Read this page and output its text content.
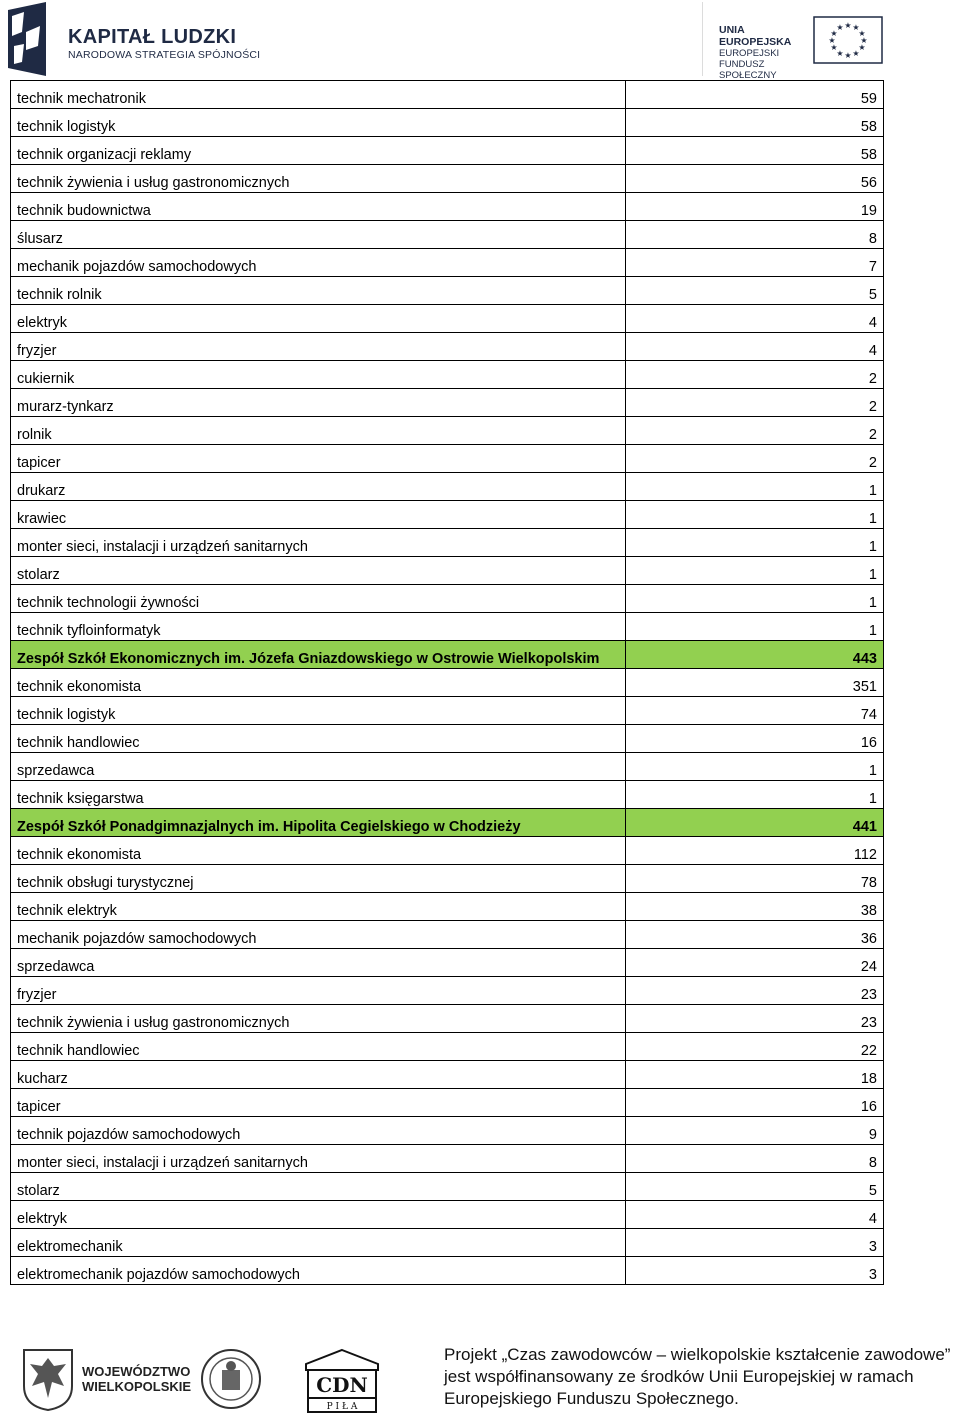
KAPITAŁ LUDZKI
NARODOWA STRATEGIA SPÓJNOŚCI
UNIA EUROPEJSKA
EUROPEJSKI
FUNDUSZ SPOŁECZNY
★ ★
★
★
★
★
★
★
★
★
★
★
technik mechatronik	59
technik logistyk	58
technik organizacji reklamy	58
technik żywienia i usług gastronomicznych	56
technik budownictwa	19
ślusarz	8
mechanik pojazdów samochodowych	7
technik rolnik	5
elektryk	4
fryzjer	4
cukiernik	2
murarz-tynkarz	2
rolnik	2
tapicer	2
drukarz	1
krawiec	1
monter sieci, instalacji i urządzeń sanitarnych	1
stolarz	1
technik technologii żywności	1
technik tyfloinformatyk	1
Zespół Szkół Ekonomicznych im. Józefa Gniazdowskiego w Ostrowie Wielkopolskim	443
technik ekonomista	351
technik logistyk	74
technik handlowiec	16
sprzedawca	1
technik księgarstwa	1
Zespół Szkół Ponadgimnazjalnych im. Hipolita Cegielskiego w Chodzieży	441
technik ekonomista	112
technik obsługi turystycznej	78
technik elektryk	38
mechanik pojazdów samochodowych	36
sprzedawca	24
fryzjer	23
technik żywienia i usług gastronomicznych	23
technik handlowiec	22
kucharz	18
tapicer	16
technik pojazdów samochodowych	9
monter sieci, instalacji i urządzeń sanitarnych	8
stolarz	5
elektryk	4
elektromechanik	3
elektromechanik pojazdów samochodowych	3
WOJEWÓDZTWO
WIELKOPOLSKIE	CDN
P I Ł A
Projekt „Czas zawodowców – wielkopolskie kształcenie zawodowe”
jest współfinansowany ze środków Unii Europejskiej w ramach
Europejskiego Funduszu Społecznego.
